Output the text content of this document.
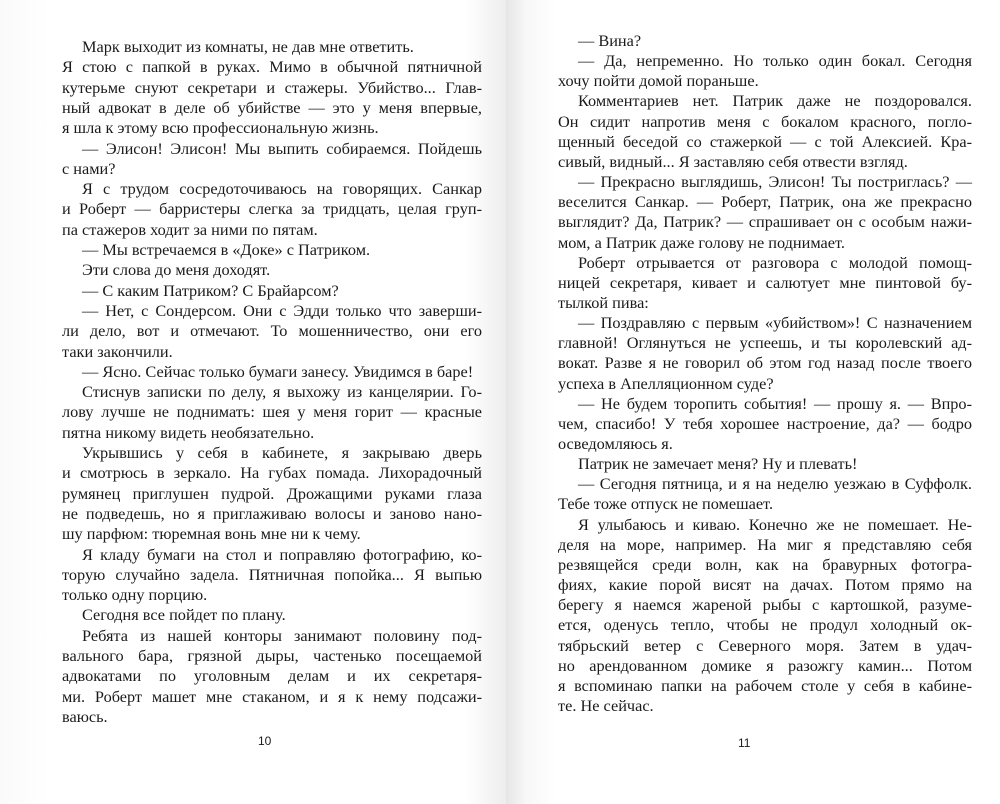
10
Марк выходит из комнаты, не дав мне ответить.
Я стою с папкой в руках. Мимо в обычной пятничной
кутерьме снуют секретари и стажеры. Убийство... Глав-
ный адвокат в деле об убийстве — это у меня впервые,
я шла к этому всю профессиональную жизнь.
— Элисон! Элисон! Мы выпить собираемся. Пойдешь
с нами?
Я с трудом сосредоточиваюсь на говорящих. Санкар
и Роберт — барристеры слегка за тридцать, целая груп-
па стажеров ходит за ними по пятам.
— Мы встречаемся в «Доке» с Патриком.
Эти слова до меня доходят.
— С каким Патриком? С Брайарсом?
— Нет, с Сондерсом. Они с Эдди только что заверши-
ли дело, вот и отмечают. То мошенничество, они его
таки закончили.
— Ясно. Сейчас только бумаги занесу. Увидимся в баре!
Стиснув записки по делу, я выхожу из канцелярии. Го-
лову лучше не поднимать: шея у меня горит — красные
пятна никому видеть необязательно.
Укрывшись у себя в кабинете, я закрываю дверь
и смотрюсь в зеркало. На губах помада. Лихорадочный
румянец приглушен пудрой. Дрожащими руками глаза
не подведешь, но я приглаживаю волосы и заново нано-
шу парфюм: тюремная вонь мне ни к чему.
Я кладу бумаги на стол и поправляю фотографию, ко-
торую случайно задела. Пятничная попойка... Я выпью
только одну порцию.
Сегодня все пойдет по плану.
Ребята из нашей конторы занимают половину под-
вального бара, грязной дыры, частенько посещаемой
адвокатами по уголовным делам и их секретаря-
ми. Роберт машет мне стаканом, и я к нему подсажи-
ваюсь.
11
— Вина?
— Да, непременно. Но только один бокал. Сегодня
хочу пойти домой пораньше.
Комментариев нет. Патрик даже не поздоровался.
Он сидит напротив меня с бокалом красного, погло-
щенный беседой со стажеркой — с той Алексией. Кра-
сивый, видный... Я заставляю себя отвести взгляд.
— Прекрасно выглядишь, Элисон! Ты постриглась? —
веселится Санкар. — Роберт, Патрик, она же прекрасно
выглядит? Да, Патрик? — спрашивает он с особым нажи-
мом, а Патрик даже голову не поднимает.
Роберт отрывается от разговора с молодой помощ-
ницей секретаря, кивает и салютует мне пинтовой бу-
тылкой пива:
— Поздравляю с первым «убийством»! С назначением
главной! Оглянуться не успеешь, и ты королевский ад-
вокат. Разве я не говорил об этом год назад после твоего
успеха в Апелляционном суде?
— Не будем торопить события! — прошу я. — Впро-
чем, спасибо! У тебя хорошее настроение, да? — бодро
осведомляюсь я.
Патрик не замечает меня? Ну и плевать!
— Сегодня пятница, и я на неделю уезжаю в Суффолк.
Тебе тоже отпуск не помешает.
Я улыбаюсь и киваю. Конечно же не помешает. Не-
деля на море, например. На миг я представляю себя
резвящейся среди волн, как на бравурных фотогра-
фиях, какие порой висят на дачах. Потом прямо на
берегу я наемся жареной рыбы с картошкой, разуме-
ется, оденусь тепло, чтобы не продул холодный ок-
тябрьский ветер с Северного моря. Затем в удач-
но арендованном домике я разожгу камин... Потом
я вспоминаю папки на рабочем столе у себя в кабине-
те. Не сейчас.
